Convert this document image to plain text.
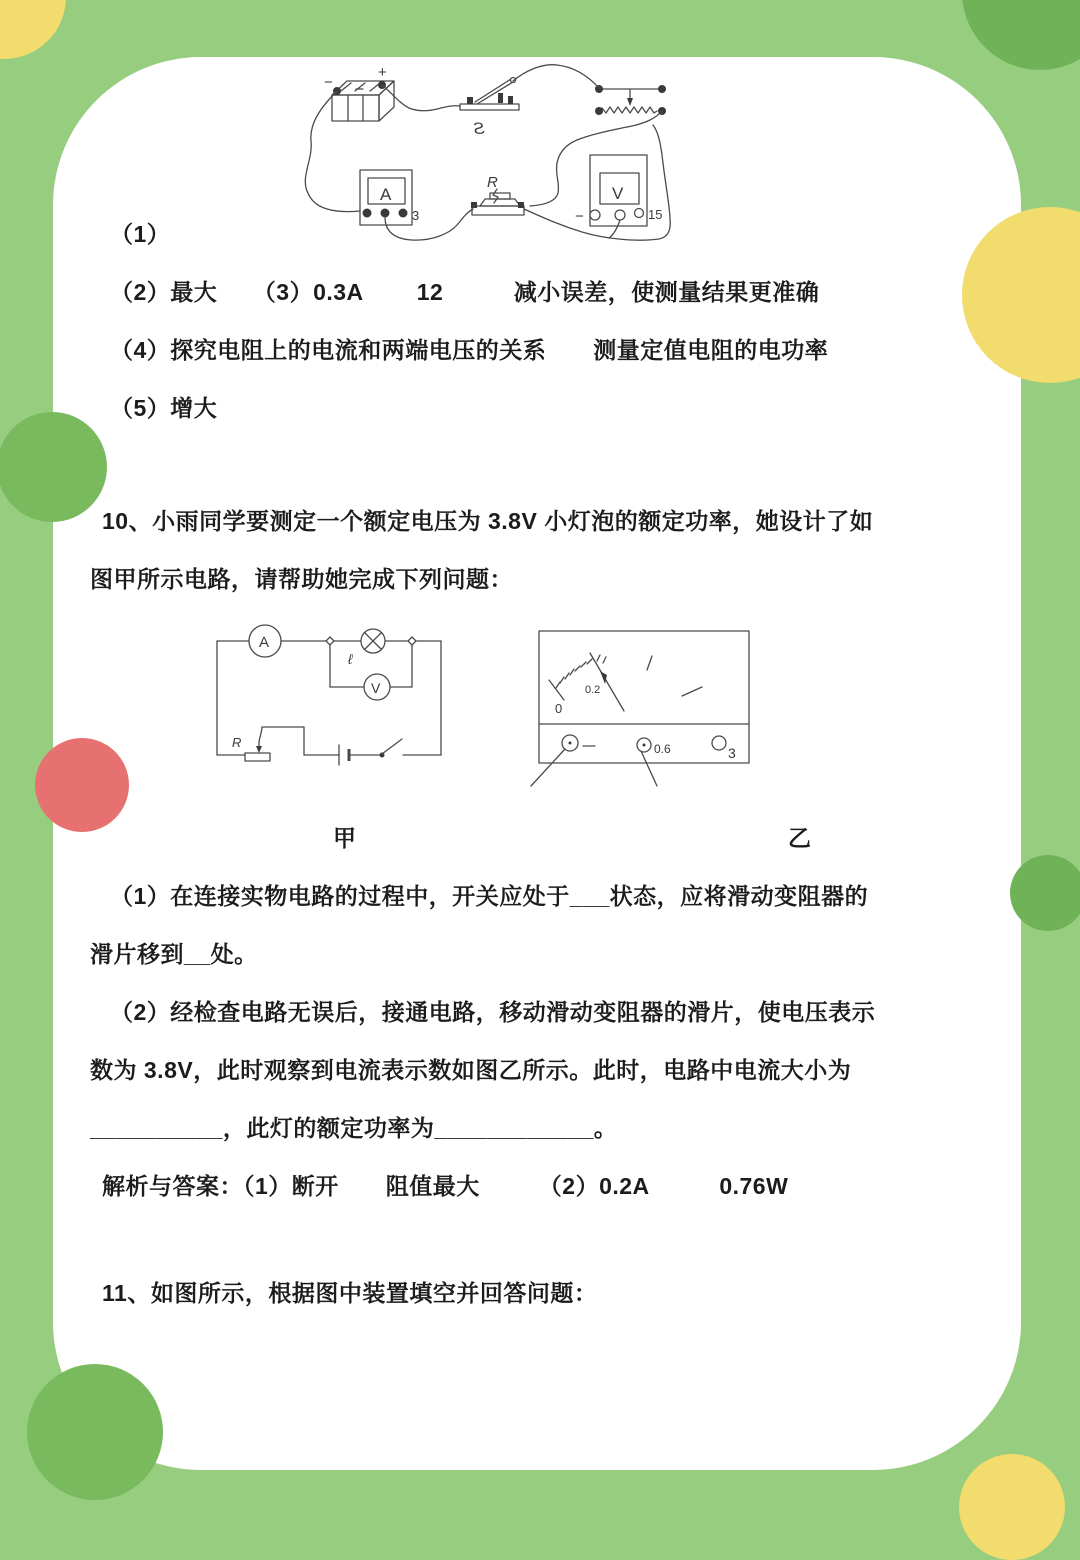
−
+
S
A
3
R
V
−	15
A
ℓ
V
R
0
0.2
0.6	3
（1）
（2）最大　　（3）0.3A　　 12　　　减小误差，使测量结果更准确
（4）探究电阻上的电流和两端电压的关系　　测量定值电阻的电功率
（5）增大
10、小雨同学要测定一个额定电压为 3.8V 小灯泡的额定功率，她设计了如
图甲所示电路，请帮助她完成下列问题：

甲

	乙

（1）在连接实物电路的过程中，开关应处于___状态，应将滑动变阻器的
滑片移到__处。
（2）经检查电路无误后，接通电路，移动滑动变阻器的滑片，使电压表示
数为 3.8V，此时观察到电流表示数如图乙所示。此时，电路中电流大小为
__________，此灯的额定功率为____________。
解析与答案：（1）断开　　阻值最大　　　（2）0.2A　　　0.76W
11、如图所示，根据图中装置填空并回答问题：
